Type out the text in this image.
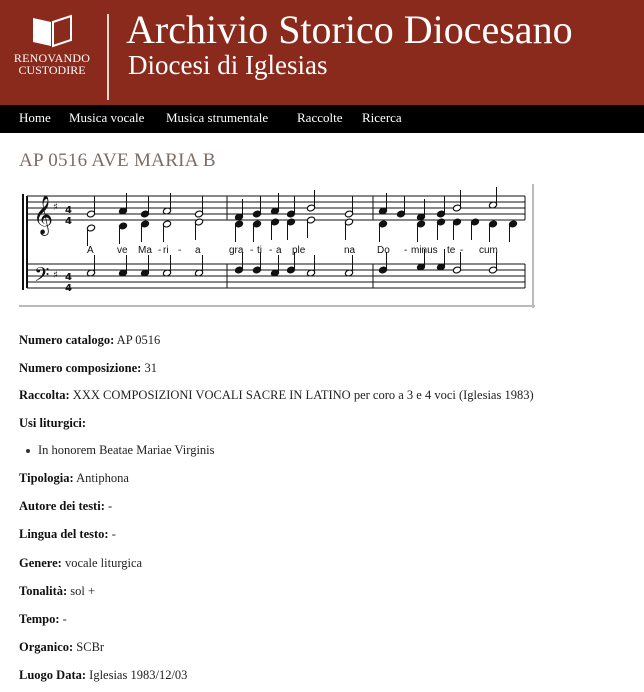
RENOVANDO
CUSTODIRE
Archivio Storico Diocesano
Diocesi di Iglesias
Home Musica vocale Musica strumentale Raccolte Ricerca
AP 0516 AVE MARIA B
𝄞
𝄢
♯
♯
4
4
4
4
A ve Ma - ri - a	gra - ti - a ple	na Do - minus te - cum
Numero catalogo: AP 0516
Numero composizione: 31
Raccolta: XXX COMPOSIZIONI VOCALI SACRE IN LATINO per coro a 3 e 4 voci (Iglesias 1983)
Usi liturgici:
In honorem Beatae Mariae Virginis
Tipologia: Antiphona
Autore dei testi: -
Lingua del testo: -
Genere: vocale liturgica
Tonalità: sol +
Tempo: -
Organico: SCBr
Luogo Data: Iglesias 1983/12/03
